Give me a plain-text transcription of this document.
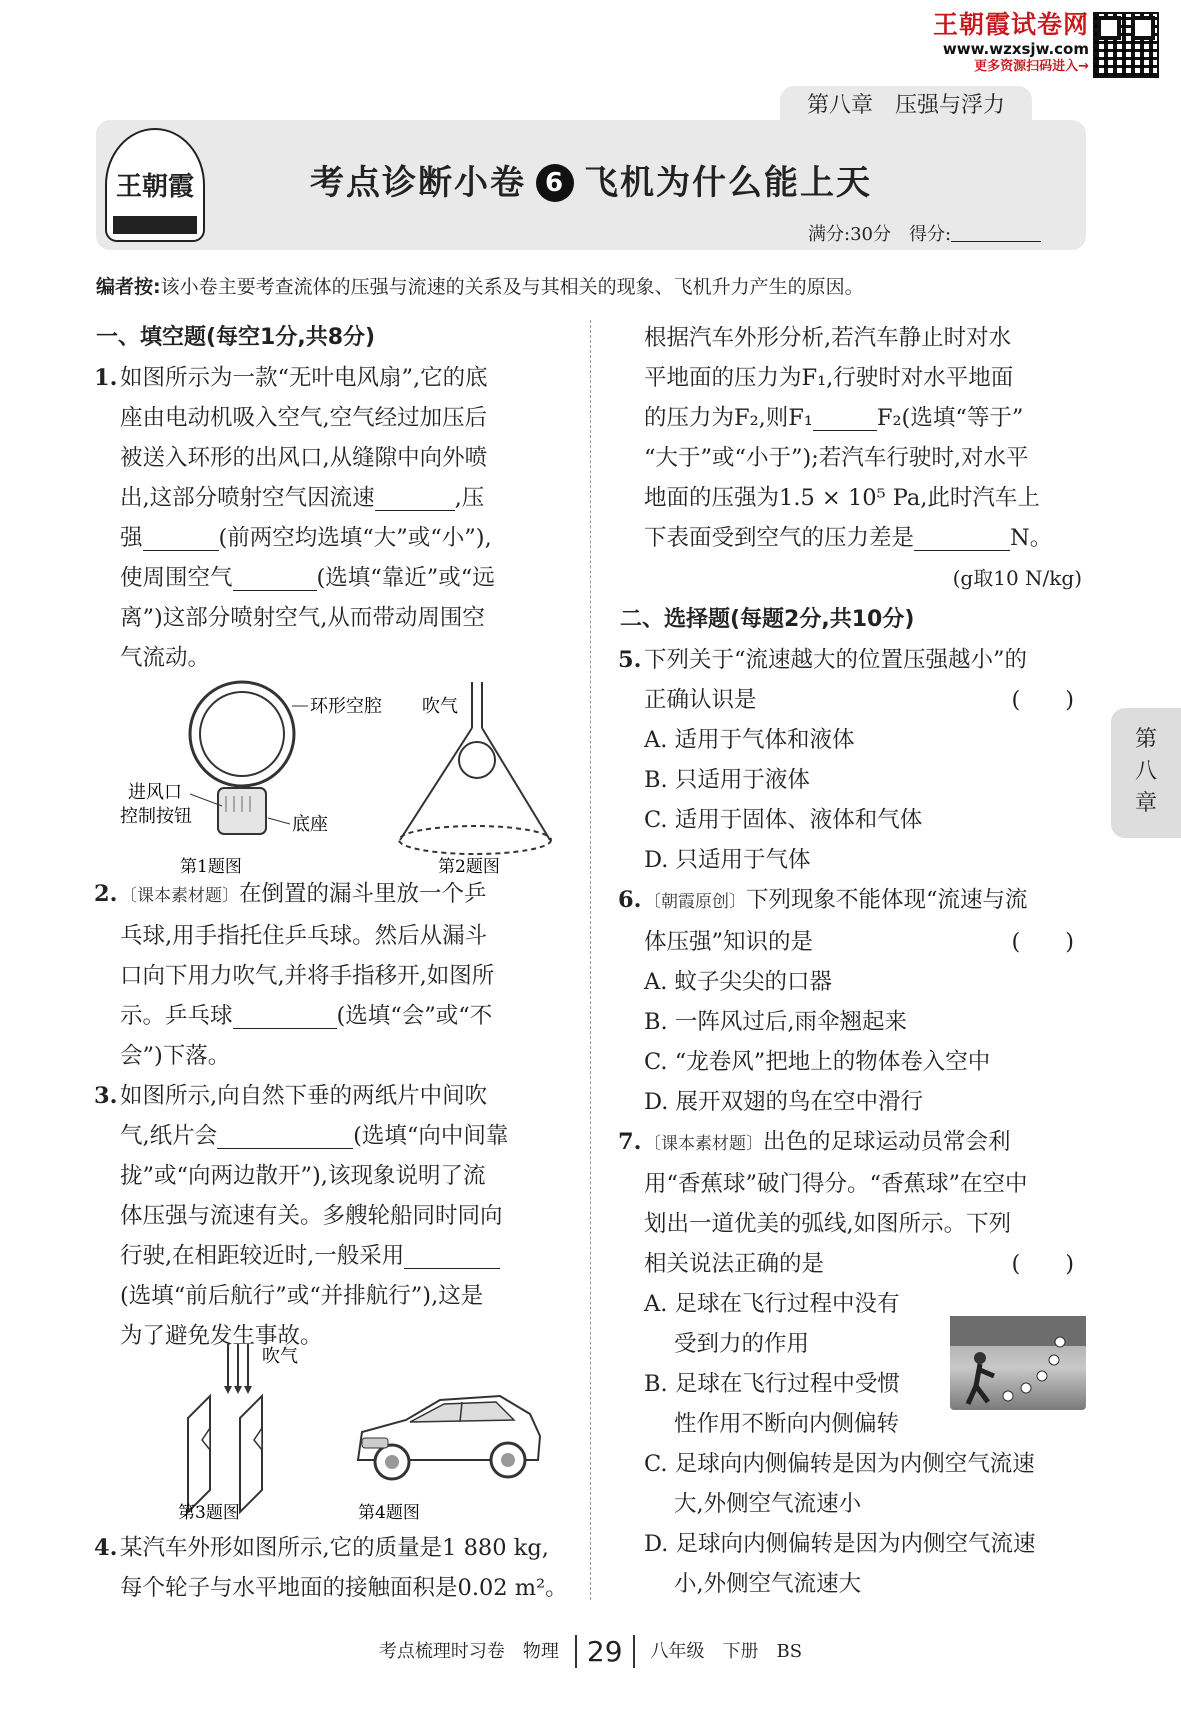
王朝霞试卷网
www.wzxsjw.com
更多资源扫码进入→
第八章　压强与浮力
王朝霞	考点诊断小卷 6 飞机为什么能上天
满分:30分　 得分:
编者按:该小卷主要考查流体的压强与流速的关系及与其相关的现象、飞机升力产生的原因。

一、填空题(每空1分,共8分)

1. 如图所示为一款“无叶电风扇”,它的底

座由电动机吸入空气,空气经过加压后

被送入环形的出风口,从缝隙中向外喷

出,这部分喷射空气因流速	,压

强	(前两空均选填“大”或“小”),

使周围空气	(选填“靠近”或“远

离”)这部分喷射空气,从而带动周围空

气流动。

环形空腔
进风口
控制按钮	底座
第1题图
吹气
第2题图
2. 〔课本素材题〕在倒置的漏斗里放一个乒

乓球,用手指托住乒乓球。然后从漏斗

口向下用力吹气,并将手指移开,如图所

示。乒乓球	(选填“会”或“不

会”)下落。

3. 如图所示,向自然下垂的两纸片中间吹

气,纸片会	(选填“向中间靠

拢”或“向两边散开”),该现象说明了流

体压强与流速有关。多艘轮船同时同向

行驶,在相距较近时,一般采用

(选填“前后航行”或“并排航行”),这是

为了避免发生事故。

吹气
第3题图	第4题图
4. 某汽车外形如图所示,它的质量是1 880 kg,

每个轮子与水平地面的接触面积是0.02 m²。

根据汽车外形分析,若汽车静止时对水

平地面的压力为F₁,行驶时对水平地面

的压力为F₂,则F₁	F₂(选填“等于”

“大于”或“小于”);若汽车行驶时,对水平

地面的压强为1.5 × 10⁵ Pa,此时汽车上

下表面受到空气的压力差是	N。

(g取10 N/kg)

二、选择题(每题2分,共10分)

5. 下列关于“流速越大的位置压强越小”的

正确认识是	(　　)

A. 适用于气体和液体

B. 只适用于液体

C. 适用于固体、液体和气体

D. 只适用于气体

6. 〔朝霞原创〕下列现象不能体现“流速与流

体压强”知识的是	(　　)

A. 蚊子尖尖的口器

B. 一阵风过后,雨伞翘起来

C. “龙卷风”把地上的物体卷入空中

D. 展开双翅的鸟在空中滑行

7. 〔课本素材题〕出色的足球运动员常会利

用“香蕉球”破门得分。“香蕉球”在空中

划出一道优美的弧线,如图所示。下列

相关说法正确的是	(　　)

A. 足球在飞行过程中没有

受到力的作用

B. 足球在飞行过程中受惯

性作用不断向内侧偏转

C. 足球向内侧偏转是因为内侧空气流速

大,外侧空气流速小

D. 足球向内侧偏转是因为内侧空气流速

小,外侧空气流速大

第
八
章
考点梳理时习卷　物理 29 八年级　下册　BS
